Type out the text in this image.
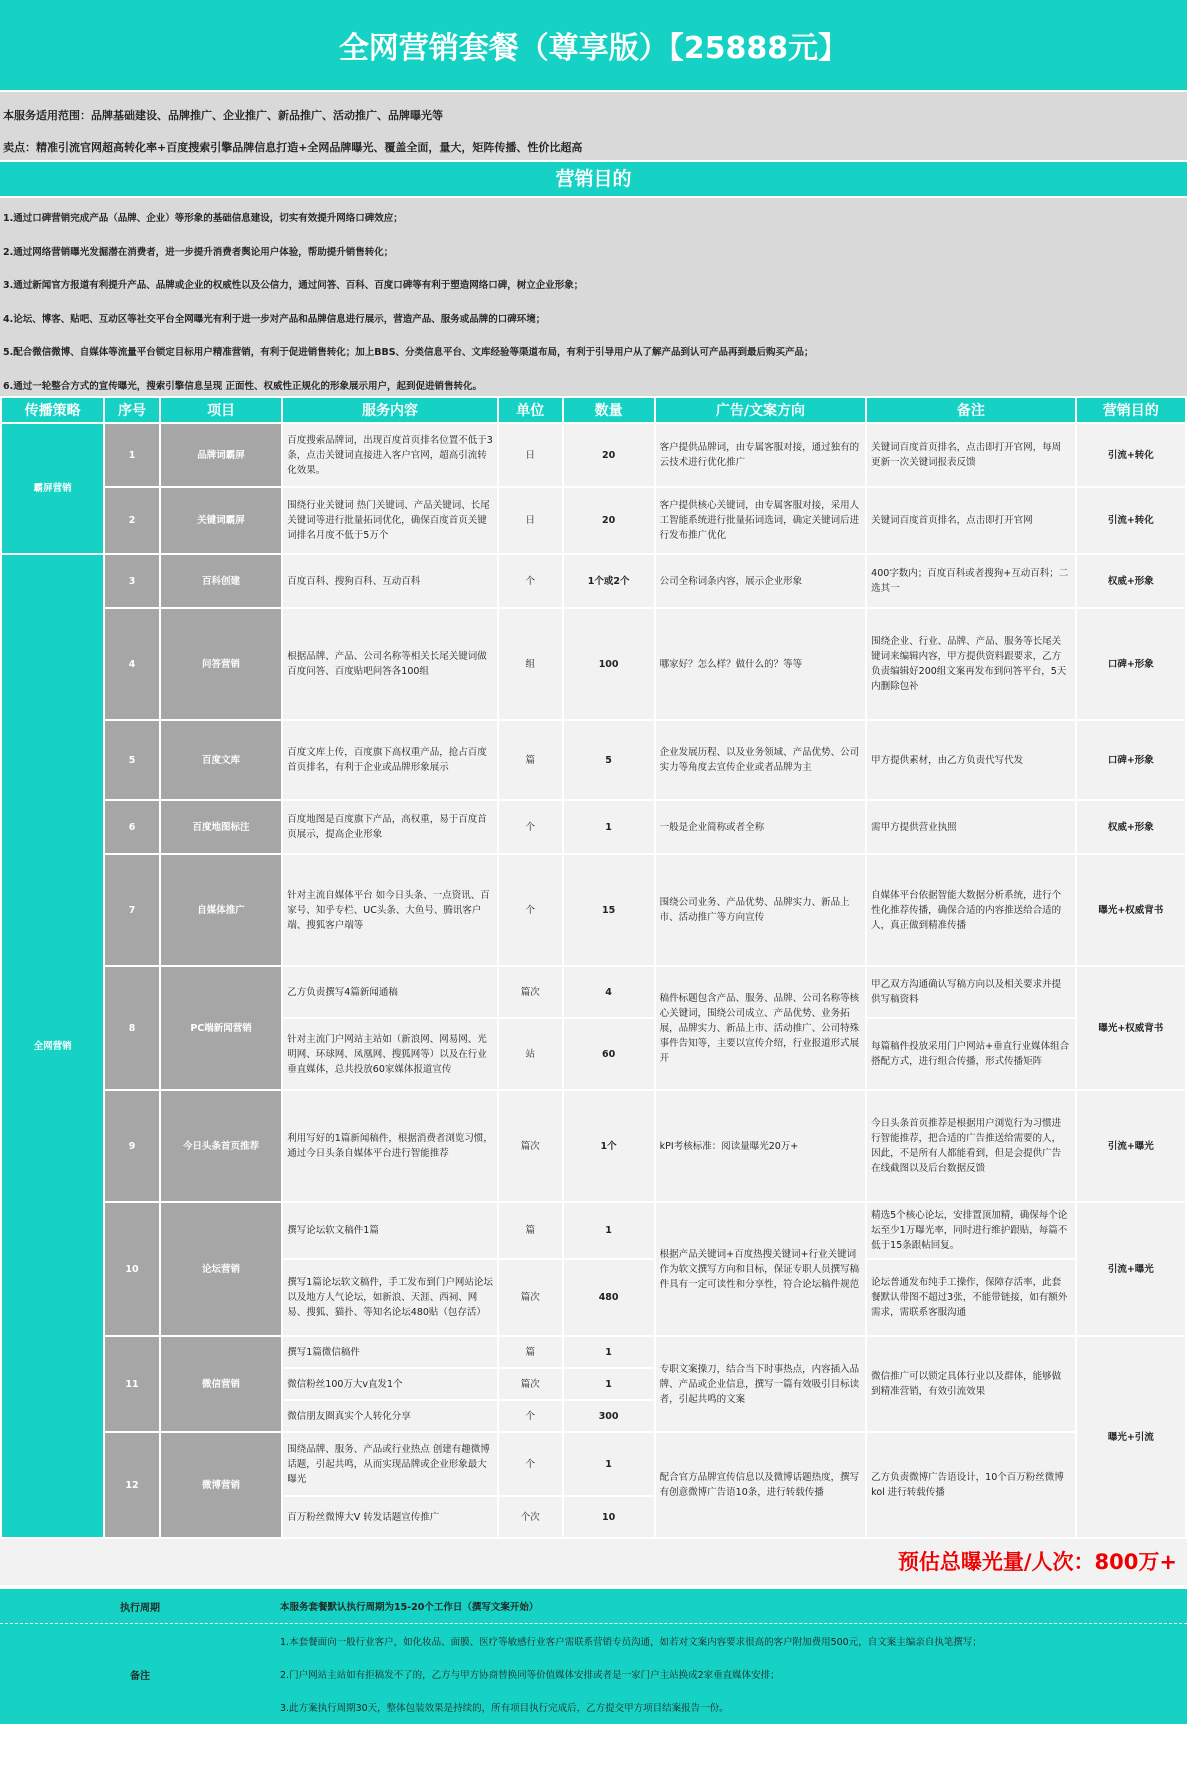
全网营销套餐（尊享版）【25888元】
本服务适用范围：品牌基础建设、品牌推广、企业推广、新品推广、活动推广、品牌曝光等
卖点：精准引流官网超高转化率+百度搜索引擎品牌信息打造+全网品牌曝光、覆盖全面，量大，矩阵传播、性价比超高
营销目的
1.通过口碑营销完成产品（品牌、企业）等形象的基础信息建设，切实有效提升网络口碑效应；
2.通过网络营销曝光发掘潜在消费者，进一步提升消费者舆论用户体验，帮助提升销售转化；
3.通过新闻官方报道有利提升产品、品牌或企业的权威性以及公信力，通过问答、百科、百度口碑等有利于塑造网络口碑，树立企业形象；
4.论坛、博客、贴吧、互动区等社交平台全网曝光有利于进一步对产品和品牌信息进行展示，营造产品、服务或品牌的口碑环境；
5.配合微信微博、自媒体等流量平台锁定目标用户精准营销，有利于促进销售转化；加上BBS、分类信息平台、文库经验等渠道布局，有利于引导用户从了解产品到认可产品再到最后购买产品；
6.通过一轮整合方式的宣传曝光，搜索引擎信息呈现 正面性、权威性正规化的形象展示用户，起到促进销售转化。
传播策略	序号	项目	服务内容	单位	数量	广告/文案方向	备注	营销目的
霸屏营销	1	品牌词霸屏	百度搜索品牌词，出现百度首页排名位置不低于3条，点击关键词直接进入客户官网，超高引流转化效果。	日	20	客户提供品牌词，由专属客服对接，通过独有的云技术进行优化推广	关键词百度首页排名，点击即打开官网，每周更新一次关键词报表反馈	引流+转化
	2	关键词霸屏	围绕行业关键词 热门关键词、产品关键词、长尾关键词等进行批量拓词优化，确保百度首页关键词排名月度不低于5万个	日	20	客户提供核心关键词，由专属客服对接，采用人工智能系统进行批量拓词选词，确定关键词后进行发布推广优化	关键词百度首页排名，点击即打开官网	引流+转化
全网营销	3	百科创建	百度百科、搜狗百科、互动百科	个	1个或2个	公司全称词条内容，展示企业形象	400字数内；百度百科或者搜狗+互动百科；二选其一	权威+形象
	4	问答营销	根据品牌、产品、公司名称等相关长尾关键词做百度问答、百度贴吧问答各100组	组	100	哪家好？怎么样？做什么的？等等	围绕企业、行业、品牌、产品、服务等长尾关键词来编辑内容，甲方提供资料跟要求，乙方负责编辑好200组文案再发布到问答平台，5天内删除包补	口碑+形象
	5	百度文库	百度文库上传，百度旗下高权重产品，抢占百度首页排名，有利于企业或品牌形象展示	篇	5	企业发展历程、以及业务领域、产品优势、公司实力等角度去宣传企业或者品牌为主	甲方提供素材，由乙方负责代写代发	口碑+形象
	6	百度地图标注	百度地图是百度旗下产品，高权重，易于百度首页展示，提高企业形象	个	1	一般是企业简称或者全称	需甲方提供营业执照	权威+形象
	7	自媒体推广	针对主流自媒体平台 如今日头条、一点资讯、百家号、知乎专栏、UC头条、大鱼号、腾讯客户端、搜狐客户端等	个	15	围绕公司业务、产品优势、品牌实力、新品上市、活动推广等方向宣传	自媒体平台依据智能大数据分析系统，进行个性化推荐传播，确保合适的内容推送给合适的人，真正做到精准传播	曝光+权威背书
	8	PC端新闻营销	乙方负责撰写4篇新闻通稿	篇次	4	稿件标题包含产品、服务、品牌、公司名称等核心关键词，围绕公司成立、产品优势、业务拓展，品牌实力、新品上市、活动推广、公司特殊事件告知等，主要以宣传介绍，行业报道形式展开	甲乙双方沟通确认写稿方向以及相关要求并提供写稿资料	曝光+权威背书
			针对主流门户网站主站如（新浪网、网易网、光明网、环球网、凤凰网、搜狐网等）以及在行业垂直媒体，总共投放60家媒体报道宣传	站	60		每篇稿件投放采用门户网站+垂直行业媒体组合搭配方式，进行组合传播，形式传播矩阵	
	9	今日头条首页推荐	利用写好的1篇新闻稿件，根据消费者浏览习惯，通过今日头条自媒体平台进行智能推荐	篇次	1个	kPI考核标准：阅读量曝光20万+	今日头条首页推荐是根据用户浏览行为习惯进行智能推荐，把合适的广告推送给需要的人，因此，不是所有人都能看到，但是会提供广告在线截图以及后台数据反馈	引流+曝光
	10	论坛营销	撰写论坛软文稿件1篇	篇	1	根据产品关键词+百度热搜关键词+行业关键词作为软文撰写方向和目标，保证专职人员撰写稿件具有一定可读性和分享性，符合论坛稿件规范	精选5个核心论坛，安排置顶加精，确保每个论坛至少1万曝光率，同时进行维护跟贴，每篇不低于15条跟帖回复。	引流+曝光
			撰写1篇论坛软文稿件，手工发布到门户网站论坛以及地方人气论坛，如新浪、天涯、西祠、网易、搜狐、猫扑、等知名论坛480贴（包存活）	篇次	480		论坛普通发布纯手工操作，保障存活率，此套餐默认带图不超过3张，不能带链接，如有额外需求，需联系客服沟通	
	11	微信营销	撰写1篇微信稿件	篇	1	专职文案操刀，结合当下时事热点，内容插入品牌、产品或企业信息，撰写一篇有效吸引目标读者，引起共鸣的文案	微信推广可以锁定具体行业以及群体，能够做到精准营销，有效引流效果	曝光+引流
			微信粉丝100万大v直发1个	篇次	1			
			微信朋友圈真实个人转化分享	个	300			
	12	微博营销	围绕品牌、服务、产品或行业热点 创建有趣微博话题，引起共鸣，从而实现品牌或企业形象最大曝光	个	1	配合官方品牌宣传信息以及微博话题热度，撰写有创意微博广告语10条，进行转载传播	乙方负责微博广告语设计，10个百万粉丝微博kol 进行转载传播	
			百万粉丝微博大V 转发话题宣传推广	个次	10			
预估总曝光量/人次：800万+
执行周期	本服务套餐默认执行周期为15-20个工作日（撰写文案开始）
备注
1.本套餐面向一般行业客户，如化妆品、面膜、医疗等敏感行业客户需联系营销专员沟通，如若对文案内容要求很高的客户附加费用500元，自文案主编亲自执笔撰写；
2.门户网站主站如有拒稿发不了的，乙方与甲方协商替换同等价值媒体安排或者是一家门户主站换成2家垂直媒体安排；
3.此方案执行周期30天，整体包装效果是持续的，所有项目执行完成后，乙方提交甲方项目结案报告一份。
